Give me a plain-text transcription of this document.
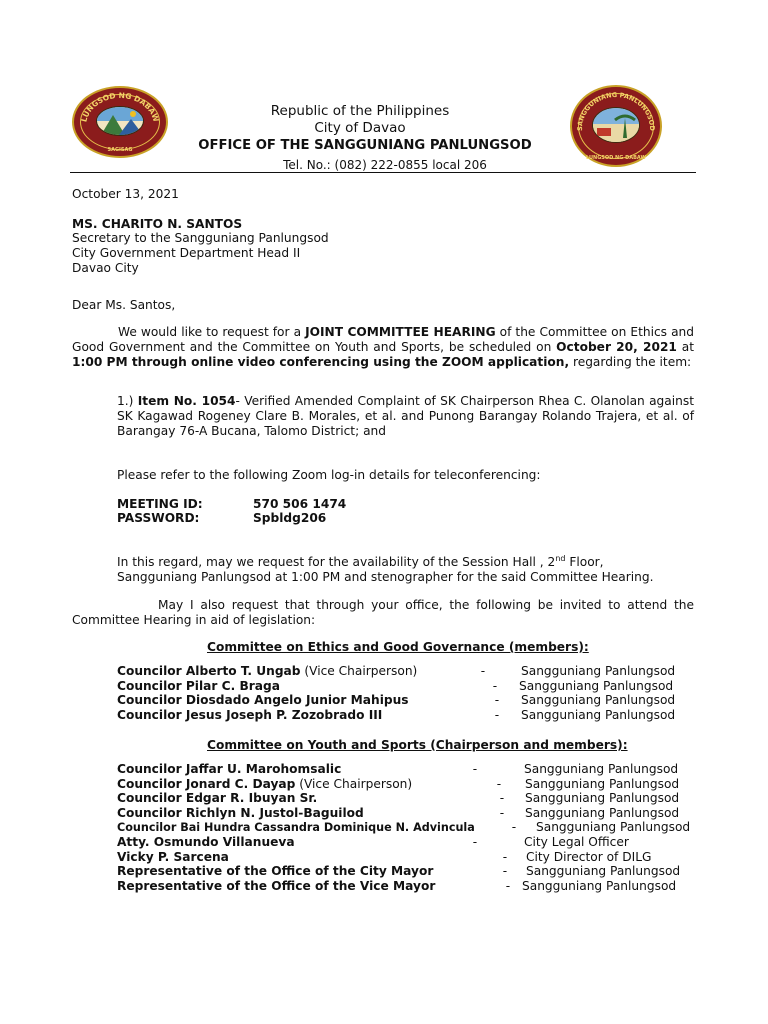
LUNGSOD NG DABAW
SAGISAG
SANGGUNIANG PANLUNGSOD
LUNGSOD NG DABAW
Republic of the Philippines
City of Davao
OFFICE OF THE SANGGUNIANG PANLUNGSOD
Tel. No.: (082) 222-0855 local 206
October 13, 2021
MS. CHARITO N. SANTOS
Secretary to the Sangguniang Panlungsod
City Government Department Head II
Davao City
Dear Ms. Santos,
We would like to request for a JOINT COMMITTEE HEARING of the Committee on Ethics and Good Government and the Committee on Youth and Sports, be scheduled on October 20, 2021 at 1:00 PM through online video conferencing using the ZOOM application, regarding the item:
1.) Item No. 1054- Verified Amended Complaint of SK Chairperson Rhea C. Olanolan against SK Kagawad Rogeney Clare B. Morales, et al. and Punong Barangay Rolando Trajera, et al. of Barangay 76-A Bucana, Talomo District; and
Please refer to the following Zoom log-in details for teleconferencing:
MEETING ID:	570 506 1474
PASSWORD:	Spbldg206
In this regard, may we request for the availability of the Session Hall , 2nd Floor,
Sangguniang Panlungsod at 1:00 PM and stenographer for the said Committee Hearing.
May I also request that through your office, the following be invited to attend the Committee Hearing in aid of legislation:
Committee on Ethics and Good Governance (members):
Councilor Alberto T. Ungab (Vice Chairperson)	-	Sangguniang Panlungsod
Councilor Pilar C. Braga	- Sangguniang Panlungsod
Councilor Diosdado Angelo Junior Mahipus	- Sangguniang Panlungsod
Councilor Jesus Joseph P. Zozobrado III	- Sangguniang Panlungsod
Committee on Youth and Sports (Chairperson and members):
Councilor Jaffar U. Marohomsalic	-	Sangguniang Panlungsod
Councilor Jonard C. Dayap (Vice Chairperson)	- Sangguniang Panlungsod
Councilor Edgar R. Ibuyan Sr.	- Sangguniang Panlungsod
Councilor Richlyn N. Justol-Baguilod	- Sangguniang Panlungsod
Councilor Bai Hundra Cassandra Dominique N. Advincula	- Sangguniang Panlungsod
Atty. Osmundo Villanueva	-	City Legal Officer
Vicky P. Sarcena	- City Director of DILG
Representative of the Office of the City Mayor	- Sangguniang Panlungsod
Representative of the Office of the Vice Mayor	- Sangguniang Panlungsod
